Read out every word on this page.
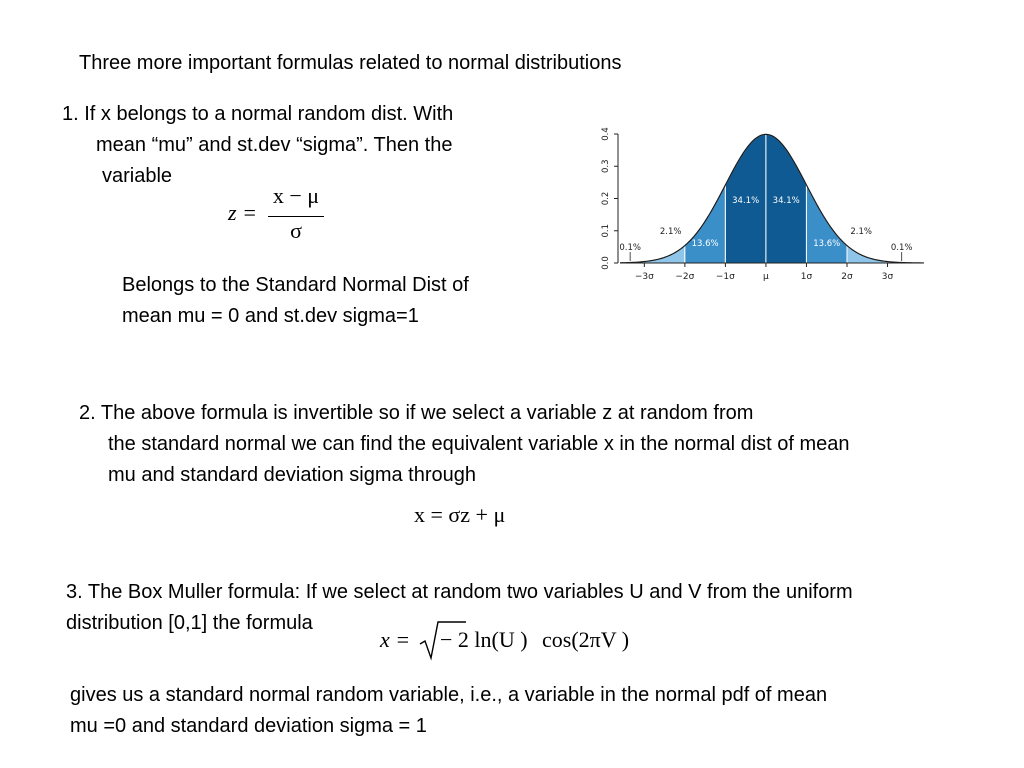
Three more important formulas related to normal distributions
1. If x belongs to a normal random dist. With
mean “mu” and st.dev “sigma”. Then the
variable
z =
x − μ
σ
Belongs to the Standard Normal Dist of
mean mu = 0 and st.dev sigma=1
−3σ −2σ −1σ	μ	1σ	2σ	3σ
0.0
0.1
0.2
0.3
0.4
2.1%
13.6%
34.1% 34.1%
13.6%
2.1%
0.1%	0.1%
2. The above formula is invertible so if we select a variable z at random from
the standard normal we can find the equivalent variable x in the normal dist of mean
mu and standard deviation sigma through
x = σz + μ
3. The Box Muller formula: If we select at random two variables U and V from the uniform
distribution [0,1] the formula
x = − 2 ln(U ) cos(2πV )
gives us a standard normal random variable, i.e., a variable in the normal pdf of mean
mu =0 and standard deviation sigma = 1
